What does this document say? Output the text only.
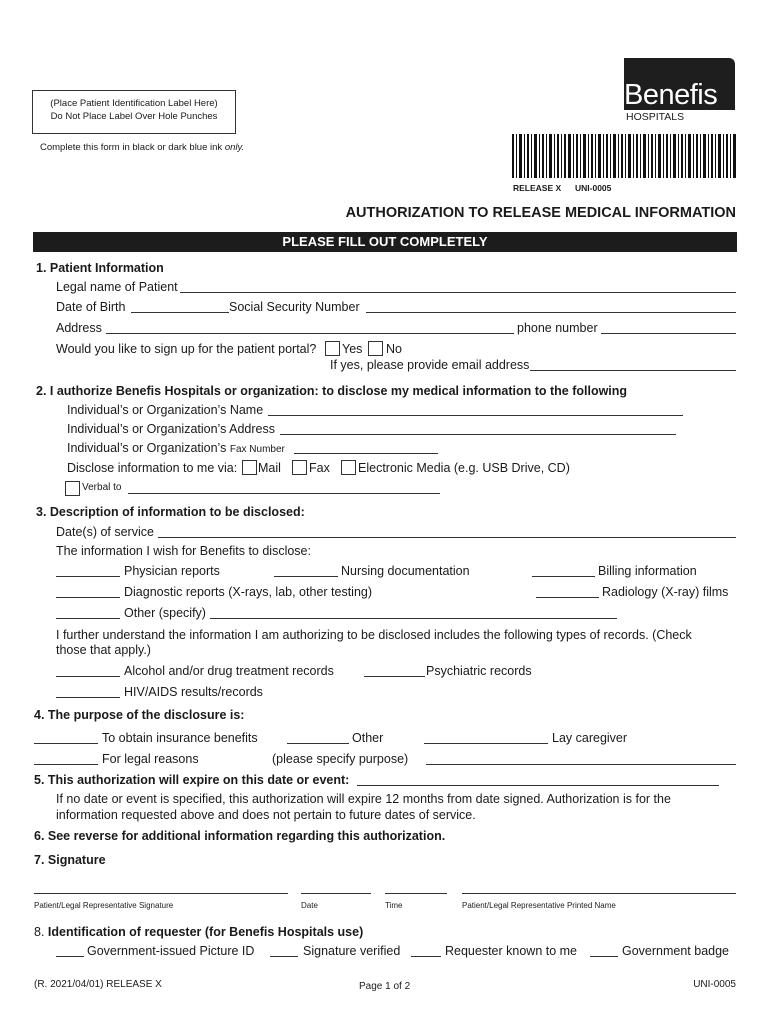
(Place Patient Identification Label Here)
Do Not Place Label Over Hole Punches
Complete this form in black or dark blue ink only.
Benefis
HOSPITALS
RELEASE X UNI-0005
AUTHORIZATION TO RELEASE MEDICAL INFORMATION
PLEASE FILL OUT COMPLETELY
1. Patient Information
Legal name of Patient
Date of Birth	Social Security Number
Address	phone number
Would you like to sign up for the patient portal? Yes No
If yes, please provide email address
2. I authorize Benefis Hospitals or organization: to disclose my medical information to the following
Individual’s or Organization’s Name
Individual’s or Organization’s Address
Individual’s or Organization’s Fax Number
Disclose information to me via: Mail Fax Electronic Media (e.g. USB Drive, CD)
Verbal to
3. Description of information to be disclosed:
Date(s) of service
The information I wish for Benefits to disclose:
Physician reports	Nursing documentation	Billing information
Diagnostic reports (X-rays, lab, other testing)	Radiology (X-ray) films
Other (specify)
I further understand the information I am authorizing to be disclosed includes the following types of records. (Check
those that apply.)
Alcohol and/or drug treatment records	Psychiatric records
HIV/AIDS results/records
4. The purpose of the disclosure is:
To obtain insurance benefits	Other	Lay caregiver
For legal reasons	(please specify purpose)
5. This authorization will expire on this date or event:
If no date or event is specified, this authorization will expire 12 months from date signed. Authorization is for the
information requested above and does not pertain to future dates of service.
6. See reverse for additional information regarding this authorization.
7. Signature
Patient/Legal Representative Signature	Date	Time	Patient/Legal Representative Printed Name
8. Identification of requester (for Benefis Hospitals use)
Government-issued Picture ID	Signature verified	Requester known to me	Government badge
(R. 2021/04/01) RELEASE X	Page 1 of 2	UNI-0005
